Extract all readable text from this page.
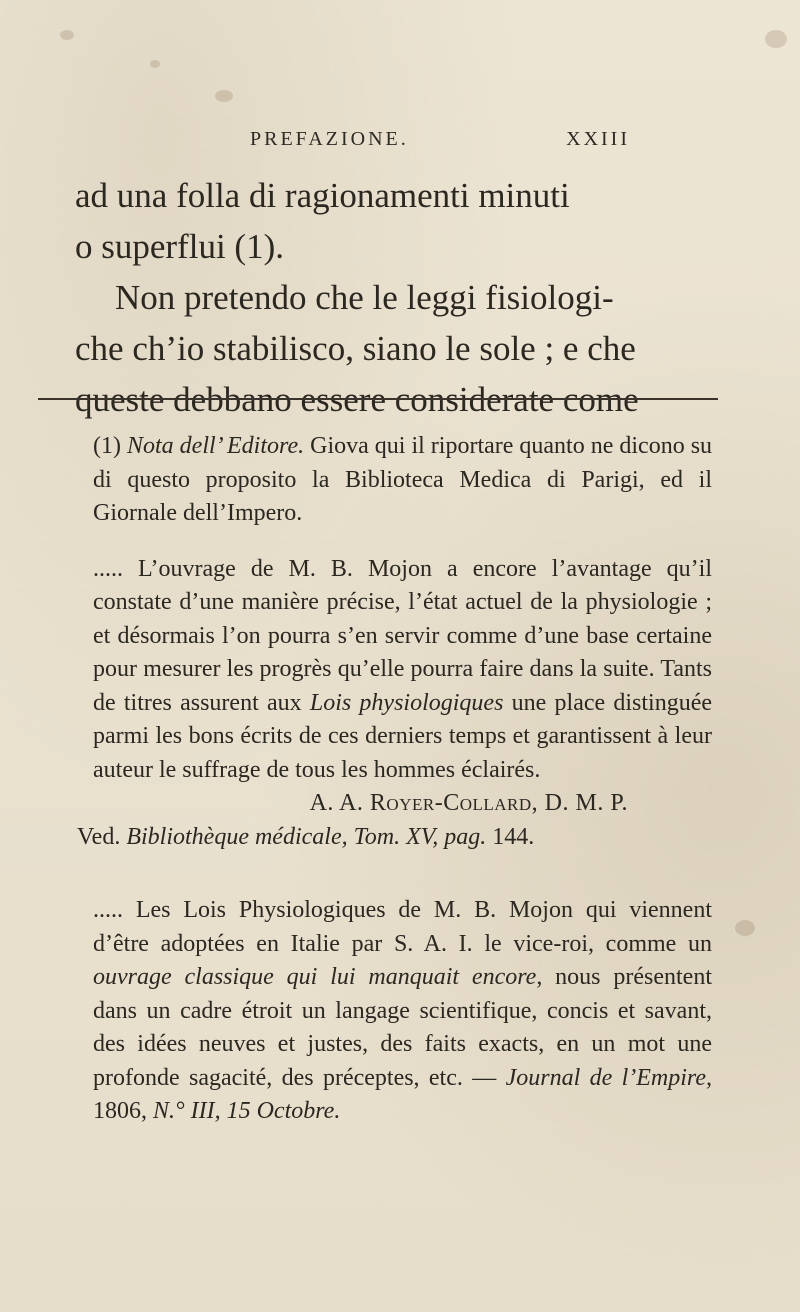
PREFAZIONE.	XXIII
ad una folla di ragionamenti minuti
o superflui (1).
Non pretendo che le leggi fisiologi-
che ch’io stabilisco, siano le sole ; e che
queste debbano essere considerate come

(1) Nota dell’ Editore. Giova qui il riportare quanto ne dicono su di questo proposito la Biblioteca Medica di Parigi, ed il Giornale dell’Impero.

..... L’ouvrage de M. B. Mojon a encore l’avantage qu’il constate d’une manière précise, l’état actuel de la physiologie ; et désormais l’on pourra s’en servir comme d’une base certaine pour mesurer les progrès qu’elle pourra faire dans la suite. Tants de titres assurent aux Lois physiologiques une place distinguée parmi les bons écrits de ces derniers temps et garantissent à leur auteur le suffrage de tous les hommes éclairés.

A. A. Royer-Collard, D. M. P.

Ved. Bibliothèque médicale, Tom. XV, pag. 144.

..... Les Lois Physiologiques de M. B. Mojon qui viennent d’être adoptées en Italie par S. A. I. le vice-roi, comme un ouvrage classique qui lui manquait encore, nous présentent dans un cadre étroit un langage scientifique, concis et savant, des idées neuves et justes, des faits exacts, en un mot une profonde sagacité, des préceptes, etc. — Journal de l’Empire, 1806, N.° III, 15 Octobre.
